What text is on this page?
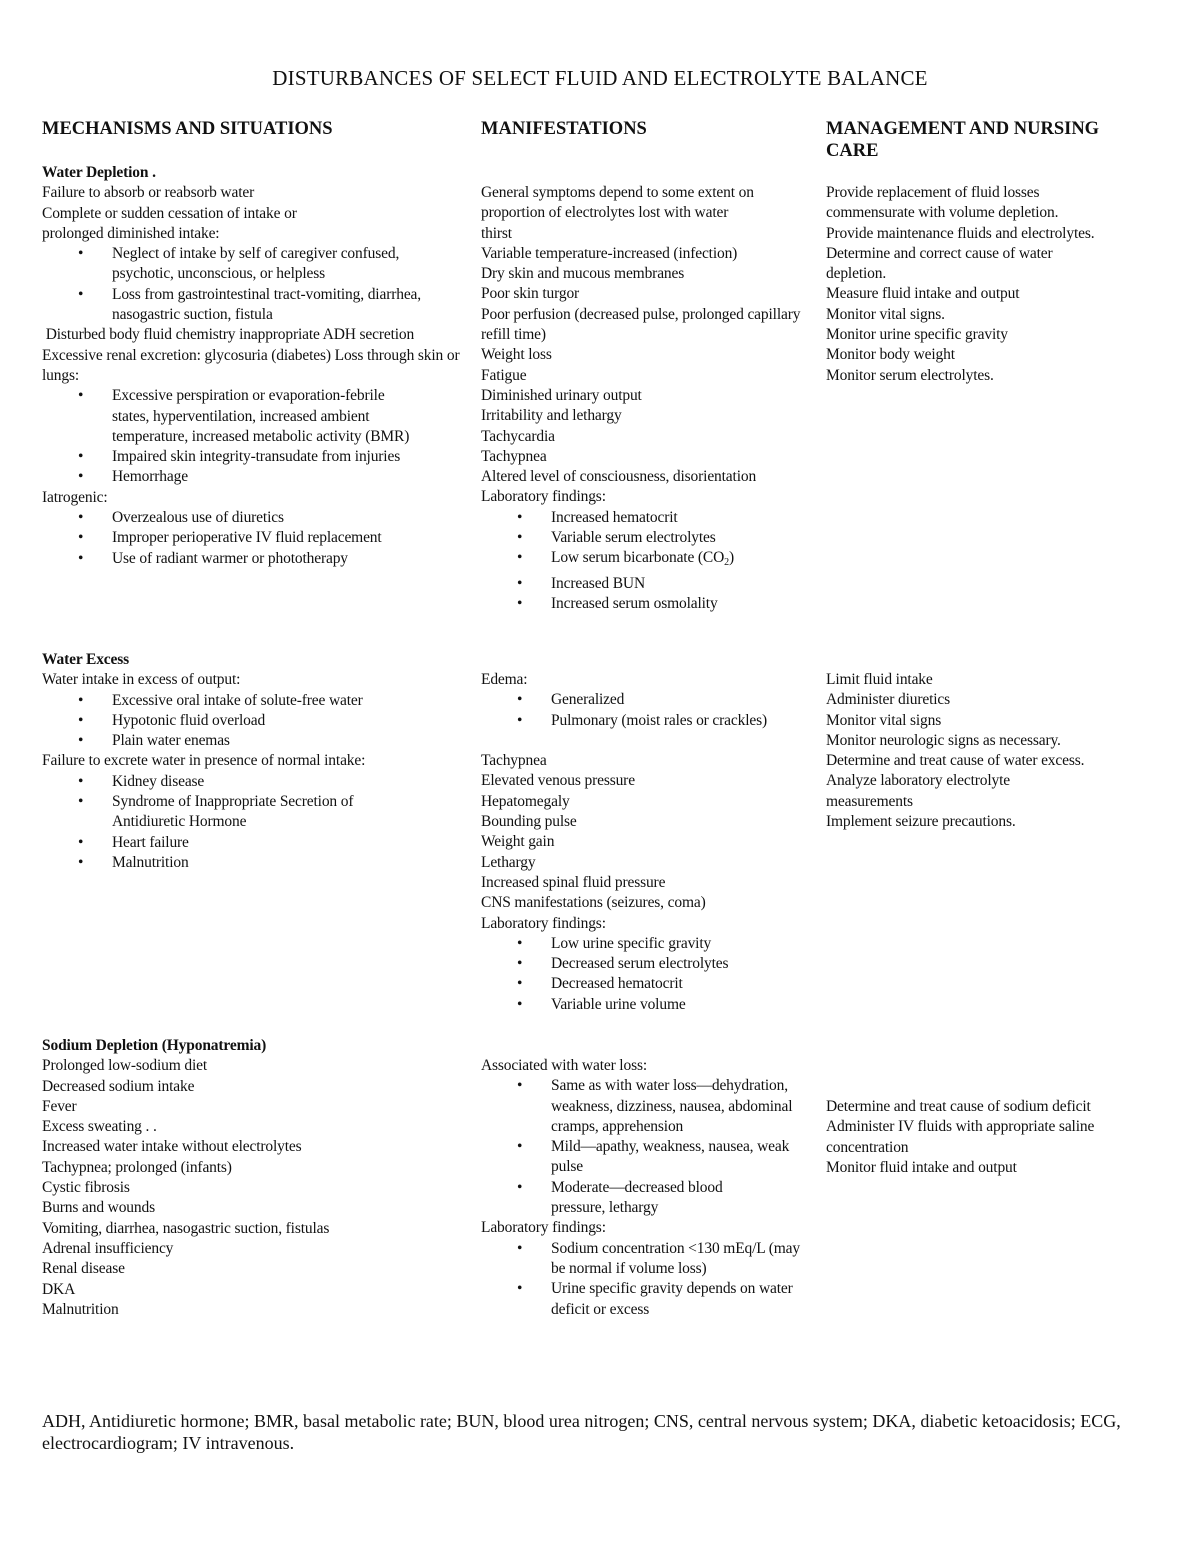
DISTURBANCES OF SELECT FLUID AND ELECTROLYTE BALANCE
MECHANISMS AND SITUATIONS	MANIFESTATIONS	MANAGEMENT AND NURSING CARE
Water Depletion .
Failure to absorb or reabsorb water
Complete or sudden cessation of intake or
prolonged diminished intake:
• Neglect of intake by self of caregiver confused, psychotic, unconscious, or helpless
• Loss from gastrointestinal tract-vomiting, diarrhea, nasogastric suction, fistula
Disturbed body fluid chemistry inappropriate ADH secretion
Excessive renal excretion: glycosuria (diabetes) Loss through skin or lungs:
• Excessive perspiration or evaporation-febrile states, hyperventilation, increased ambient temperature, increased metabolic activity (BMR)
• Impaired skin integrity-transudate from injuries
• Hemorrhage
Iatrogenic:
• Overzealous use of diuretics
• Improper perioperative IV fluid replacement
• Use of radiant warmer or phototherapy
General symptoms depend to some extent on proportion of electrolytes lost with water
thirst
Variable temperature-increased (infection)
Dry skin and mucous membranes
Poor skin turgor
Poor perfusion (decreased pulse, prolonged capillary refill time)
Weight loss
Fatigue
Diminished urinary output
Irritability and lethargy
Tachycardia
Tachypnea
Altered level of consciousness, disorientation
Laboratory findings:
• Increased hematocrit
• Variable serum electrolytes
• Low serum bicarbonate $(CO_2)$
• Increased BUN
• Increased serum osmolality
Provide replacement of fluid losses commensurate with volume depletion.
Provide maintenance fluids and electrolytes.
Determine and correct cause of water depletion.
Measure fluid intake and output
Monitor vital signs.
Monitor urine specific gravity
Monitor body weight
Monitor serum electrolytes.
Water Excess
Water intake in excess of output:
• Excessive oral intake of solute-free water
• Hypotonic fluid overload
• Plain water enemas
Failure to excrete water in presence of normal intake:
• Kidney disease
• Syndrome of Inappropriate Secretion of Antidiuretic Hormone
• Heart failure
• Malnutrition
Edema:
• Generalized
• Pulmonary (moist rales or crackles)
Tachypnea
Elevated venous pressure
Hepatomegaly
Bounding pulse
Weight gain
Lethargy
Increased spinal fluid pressure
CNS manifestations (seizures, coma)
Laboratory findings:
• Low urine specific gravity
• Decreased serum electrolytes
• Decreased hematocrit
• Variable urine volume
Limit fluid intake
Administer diuretics
Monitor vital signs
Monitor neurologic signs as necessary.
Determine and treat cause of water excess.
Analyze laboratory electrolyte measurements
Implement seizure precautions.
Sodium Depletion (Hyponatremia)
Prolonged low-sodium diet
Decreased sodium intake
Fever
Excess sweating . .
Increased water intake without electrolytes
Tachypnea; prolonged (infants)
Cystic fibrosis
Burns and wounds
Vomiting, diarrhea, nasogastric suction, fistulas
Adrenal insufficiency
Renal disease
DKA
Malnutrition
Associated with water loss:
• Same as with water loss—dehydration, weakness, dizziness, nausea, abdominal cramps, apprehension
• Mild—apathy, weakness, nausea, weak pulse
• Moderate—decreased blood pressure, lethargy
Laboratory findings:
• Sodium concentration <130 mEq/L (may be normal if volume loss)
• Urine specific gravity depends on water deficit or excess
Determine and treat cause of sodium deficit
Administer IV fluids with appropriate saline concentration
Monitor fluid intake and output
ADH, Antidiuretic hormone; BMR, basal metabolic rate; BUN, blood urea nitrogen; CNS, central nervous system; DKA, diabetic ketoacidosis; ECG, electrocardiogram; IV intravenous.
